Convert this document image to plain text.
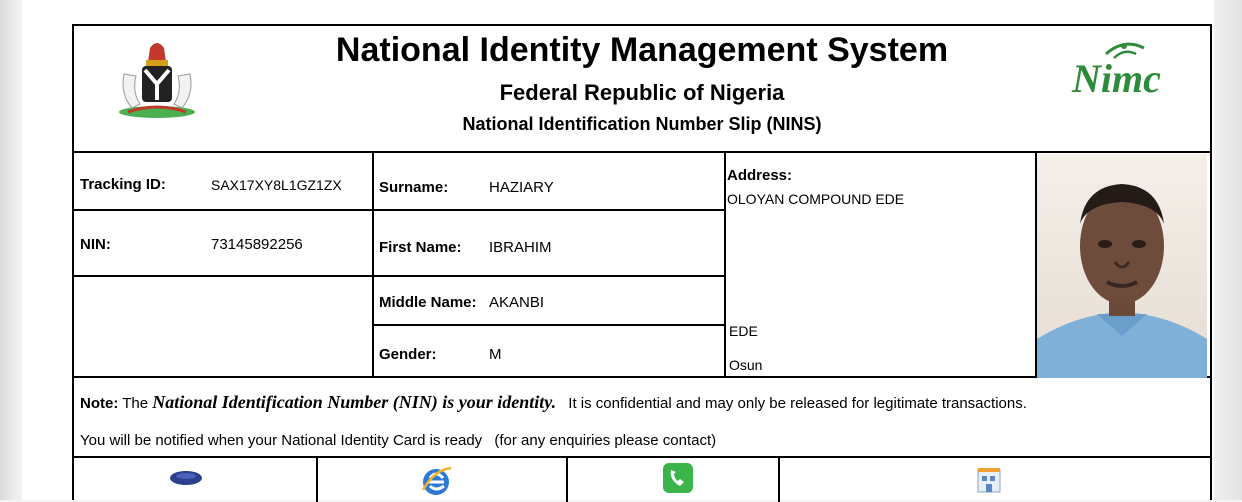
National Identity Management System
Federal Republic of Nigeria
National Identification Number Slip (NINS)
Nimc
Tracking ID:	SAX17XY8L1GZ1ZX
NIN:	73145892256
Surname:	HAZIARY
First Name: IBRAHIM
Middle Name: AKANBI
Gender:	M
Address:
OLOYAN COMPOUND EDE
EDE
Osun
Note: The National Identification Number (NIN) is your identity. It is confidential and may only be released for legitimate transactions.
You will be notified when your National Identity Card is ready (for any enquiries please contact)
